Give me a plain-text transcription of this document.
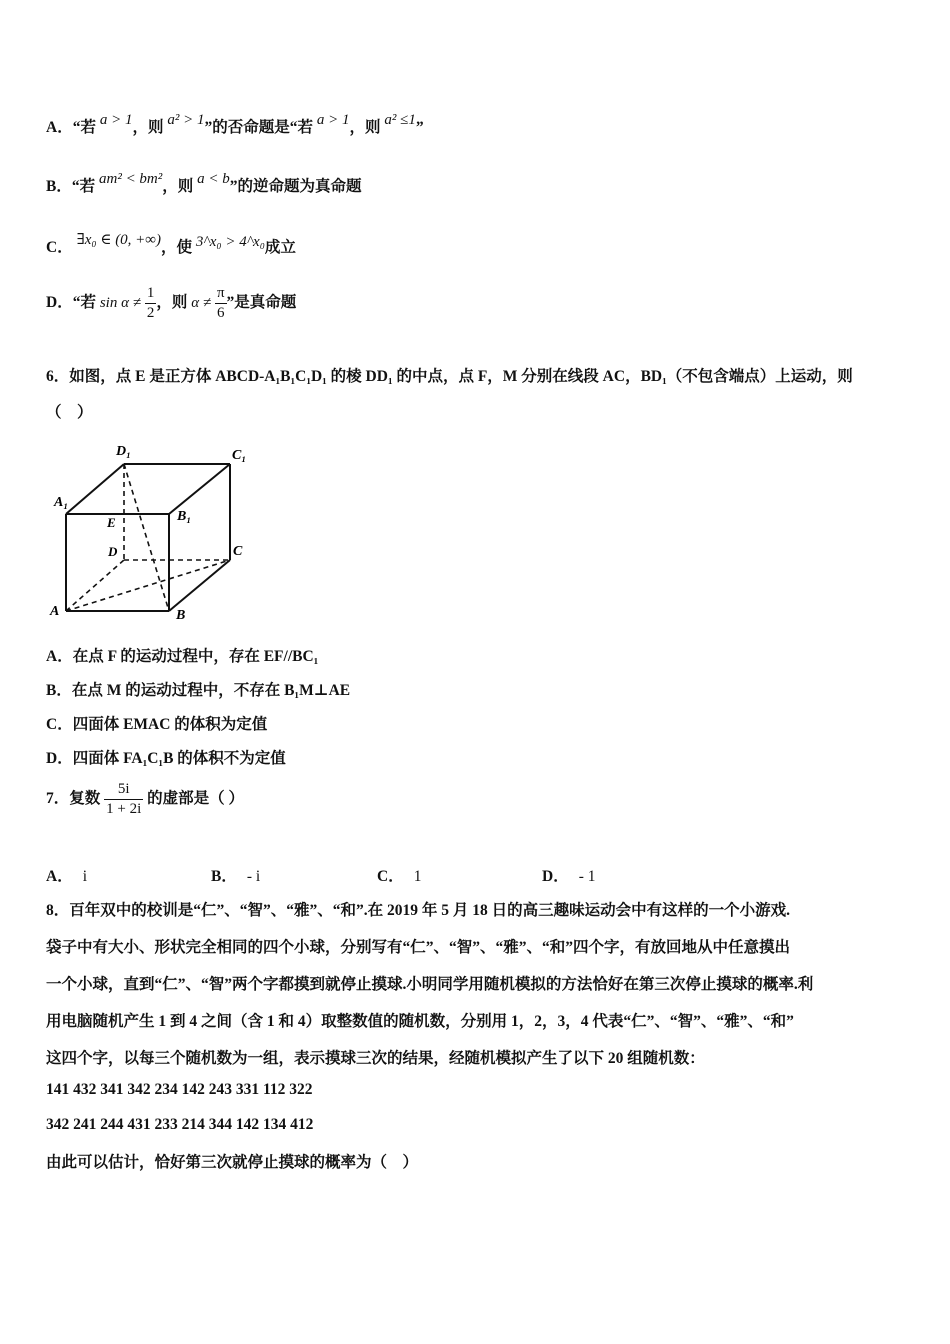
A．“若 a > 1，则 a² > 1”的否命题是“若 a > 1，则 a² ≤1”
B．“若 am² < bm²，则 a < b”的逆命题为真命题
C． ∃x₀ ∈ (0, +∞)，使 3^x₀ > 4^x₀成立
D．“若 $\sin \alpha \ne \frac{1}{2}$ ，则 $\alpha \ne \frac{\pi}{6}$ ”是真命题
6．如图，点 E 是正方体 ABCD-A₁B₁C₁D₁ 的棱 DD₁ 的中点，点 F，M 分别在线段 AC，BD₁（不包含端点）上运动，则
（　）
D₁	C₁
A₁
B₁
E
D	C
A	B
A．在点 F 的运动过程中，存在 EF//BC₁
B．在点 M 的运动过程中，不存在 B₁M⊥AE
C．四面体 EMAC 的体积为定值
D．四面体 FA₁C₁B 的体积不为定值
7．复数 $\frac{5i}{1 + 2i}$ 的虚部是（ ）
A． i	B． - i	C． 1	D． - 1
8．百年双中的校训是“仁”、“智”、“雅”、“和”.在 2019 年 5 月 18 日的高三趣味运动会中有这样的一个小游戏.
袋子中有大小、形状完全相同的四个小球，分别写有“仁”、“智”、“雅”、“和”四个字，有放回地从中任意摸出
一个小球，直到“仁”、“智”两个字都摸到就停止摸球.小明同学用随机模拟的方法恰好在第三次停止摸球的概率.利
用电脑随机产生 1 到 4 之间（含 1 和 4）取整数值的随机数，分别用 1，2，3，4 代表“仁”、“智”、“雅”、“和”
这四个字，以每三个随机数为一组，表示摸球三次的结果，经随机模拟产生了以下 20 组随机数：
141 432 341 342 234 142 243 331 112 322
342 241 244 431 233 214 344 142 134 412
由此可以估计，恰好第三次就停止摸球的概率为（　）
